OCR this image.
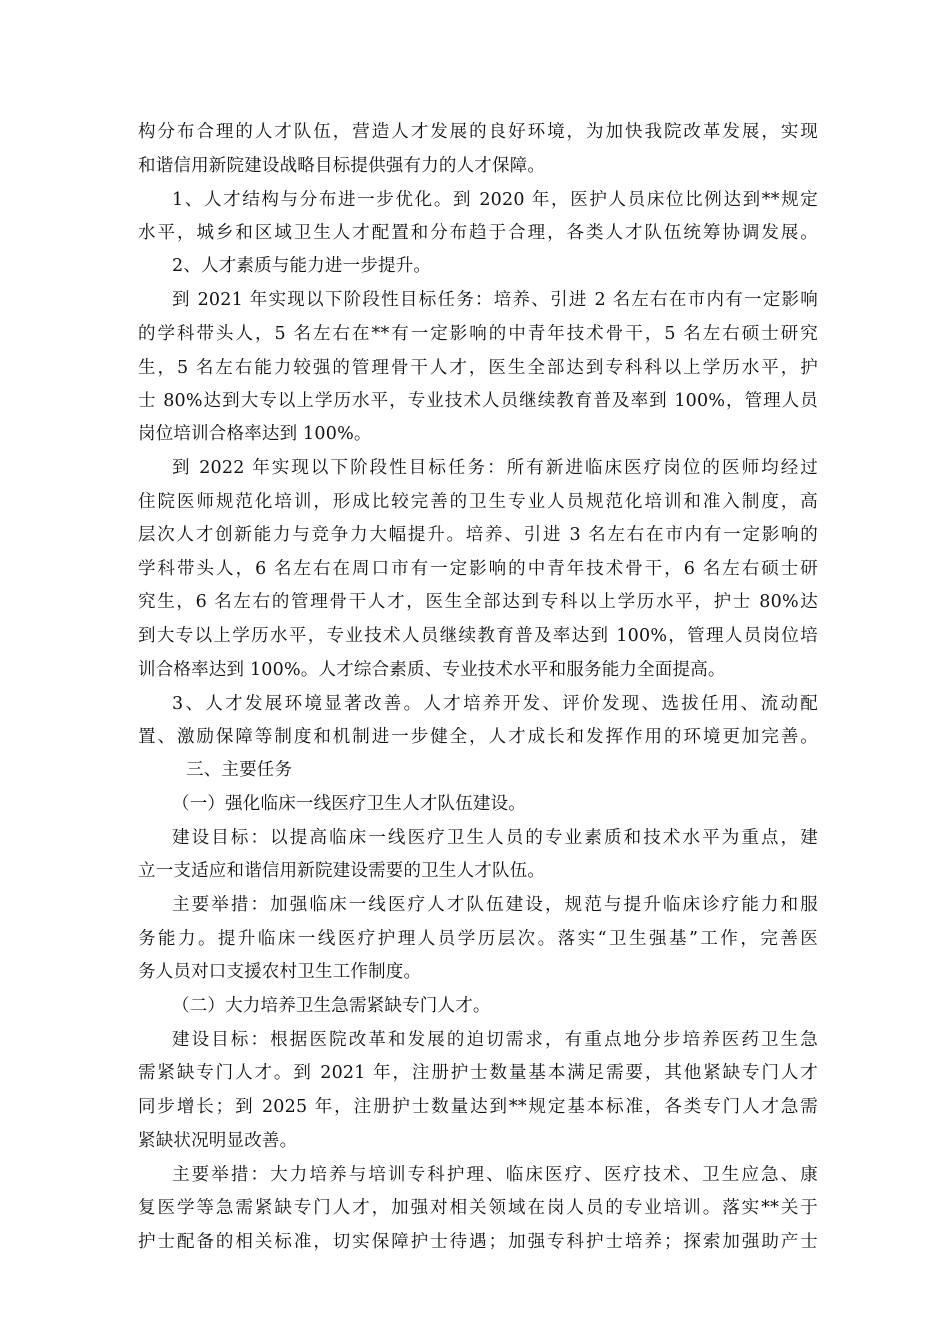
构分布合理的人才队伍，营造人才发展的良好环境，为加快我院改革发展，实现
和谐信用新院建设战略目标提供强有力的人才保障。
1、人才结构与分布进一步优化。到 2020 年，医护人员床位比例达到**规定
水平，城乡和区域卫生人才配置和分布趋于合理，各类人才队伍统筹协调发展。
2、人才素质与能力进一步提升。
到 2021 年实现以下阶段性目标任务：培养、引进 2 名左右在市内有一定影响
的学科带头人，5 名左右在**有一定影响的中青年技术骨干，5 名左右硕士研究
生，5 名左右能力较强的管理骨干人才，医生全部达到专科科以上学历水平，护
士 80%达到大专以上学历水平，专业技术人员继续教育普及率到 100%，管理人员
岗位培训合格率达到 100%。
到 2022 年实现以下阶段性目标任务：所有新进临床医疗岗位的医师均经过
住院医师规范化培训，形成比较完善的卫生专业人员规范化培训和准入制度，高
层次人才创新能力与竞争力大幅提升。培养、引进 3 名左右在市内有一定影响的
学科带头人，6 名左右在周口市有一定影响的中青年技术骨干，6 名左右硕士研
究生，6 名左右的管理骨干人才，医生全部达到专科以上学历水平，护士 80%达
到大专以上学历水平，专业技术人员继续教育普及率达到 100%，管理人员岗位培
训合格率达到 100%。人才综合素质、专业技术水平和服务能力全面提高。
3、人才发展环境显著改善。人才培养开发、评价发现、选拔任用、流动配
置、激励保障等制度和机制进一步健全，人才成长和发挥作用的环境更加完善。
三、主要任务
（一）强化临床一线医疗卫生人才队伍建设。
建设目标：以提高临床一线医疗卫生人员的专业素质和技术水平为重点，建
立一支适应和谐信用新院建设需要的卫生人才队伍。
主要举措：加强临床一线医疗人才队伍建设，规范与提升临床诊疗能力和服
务能力。提升临床一线医疗护理人员学历层次。落实“卫生强基”工作，完善医
务人员对口支援农村卫生工作制度。
（二）大力培养卫生急需紧缺专门人才。
建设目标：根据医院改革和发展的迫切需求，有重点地分步培养医药卫生急
需紧缺专门人才。到 2021 年，注册护士数量基本满足需要，其他紧缺专门人才
同步增长；到 2025 年，注册护士数量达到**规定基本标准，各类专门人才急需
紧缺状况明显改善。
主要举措：大力培养与培训专科护理、临床医疗、医疗技术、卫生应急、康
复医学等急需紧缺专门人才，加强对相关领域在岗人员的专业培训。落实**关于
护士配备的相关标准，切实保障护士待遇；加强专科护士培养；探索加强助产士
